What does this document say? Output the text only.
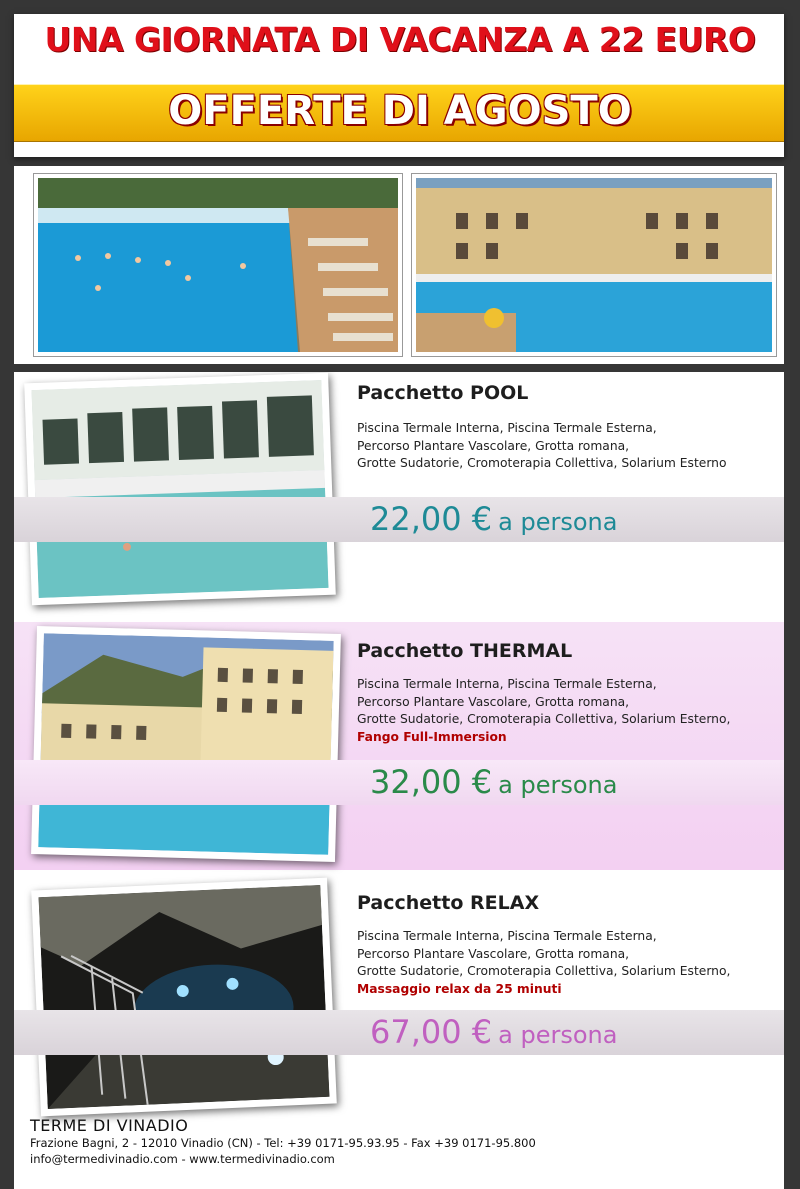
UNA GIORNATA DI VACANZA A 22 EURO
OFFERTE DI AGOSTO
Pacchetto POOL
Piscina Termale Interna, Piscina Termale Esterna,
Percorso Plantare Vascolare, Grotta romana,
Grotte Sudatorie, Cromoterapia Collettiva, Solarium Esterno
Pacchetto THERMAL
Piscina Termale Interna, Piscina Termale Esterna,
Percorso Plantare Vascolare, Grotta romana,
Grotte Sudatorie, Cromoterapia Collettiva, Solarium Esterno,
Fango Full-Immersion
Pacchetto RELAX
Piscina Termale Interna, Piscina Termale Esterna,
Percorso Plantare Vascolare, Grotta romana,
Grotte Sudatorie, Cromoterapia Collettiva, Solarium Esterno,
Massaggio relax da 25 minuti
22,00 € a persona
32,00 € a persona
67,00 € a persona
TERME DI VINADIO
Frazione Bagni, 2 - 12010 Vinadio (CN) - Tel: +39 0171-95.93.95 - Fax +39 0171-95.800
info@termedivinadio.com - www.termedivinadio.com
